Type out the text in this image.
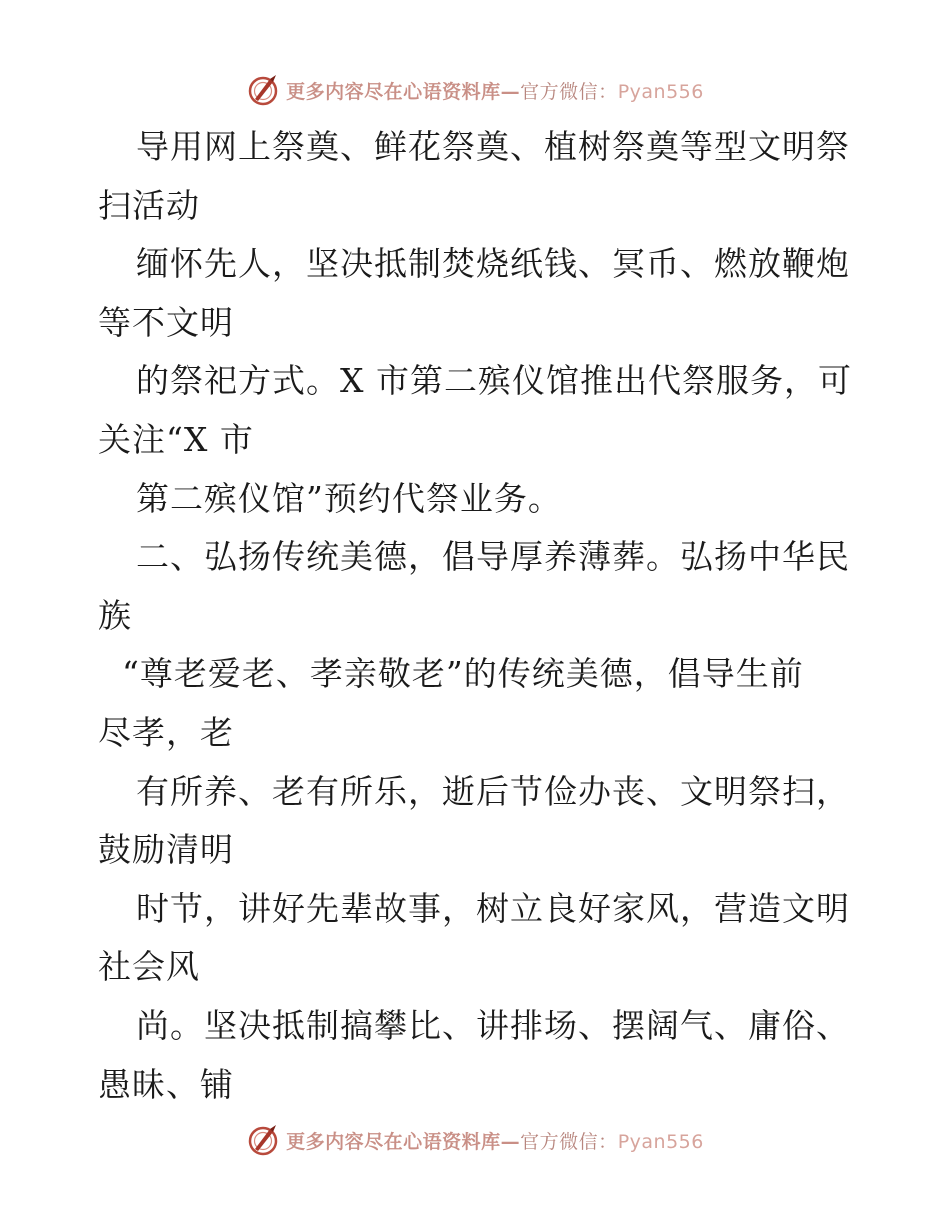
更多内容尽在心语资料库—官方微信：Pyan556
导用网上祭奠、鲜花祭奠、植树祭奠等型文明祭
扫活动
缅怀先人，坚决抵制焚烧纸钱、冥币、燃放鞭炮
等不文明
的祭祀方式。X 市第二殡仪馆推出代祭服务，可
关注“X 市
第二殡仪馆”预约代祭业务。
二、弘扬传统美德，倡导厚养薄葬。弘扬中华民
族
“尊老爱老、孝亲敬老”的传统美德，倡导生前
尽孝，老
有所养、老有所乐，逝后节俭办丧、文明祭扫，
鼓励清明
时节，讲好先辈故事，树立良好家风，营造文明
社会风
尚。坚决抵制搞攀比、讲排场、摆阔气、庸俗、
愚昧、铺
更多内容尽在心语资料库—官方微信：Pyan556
